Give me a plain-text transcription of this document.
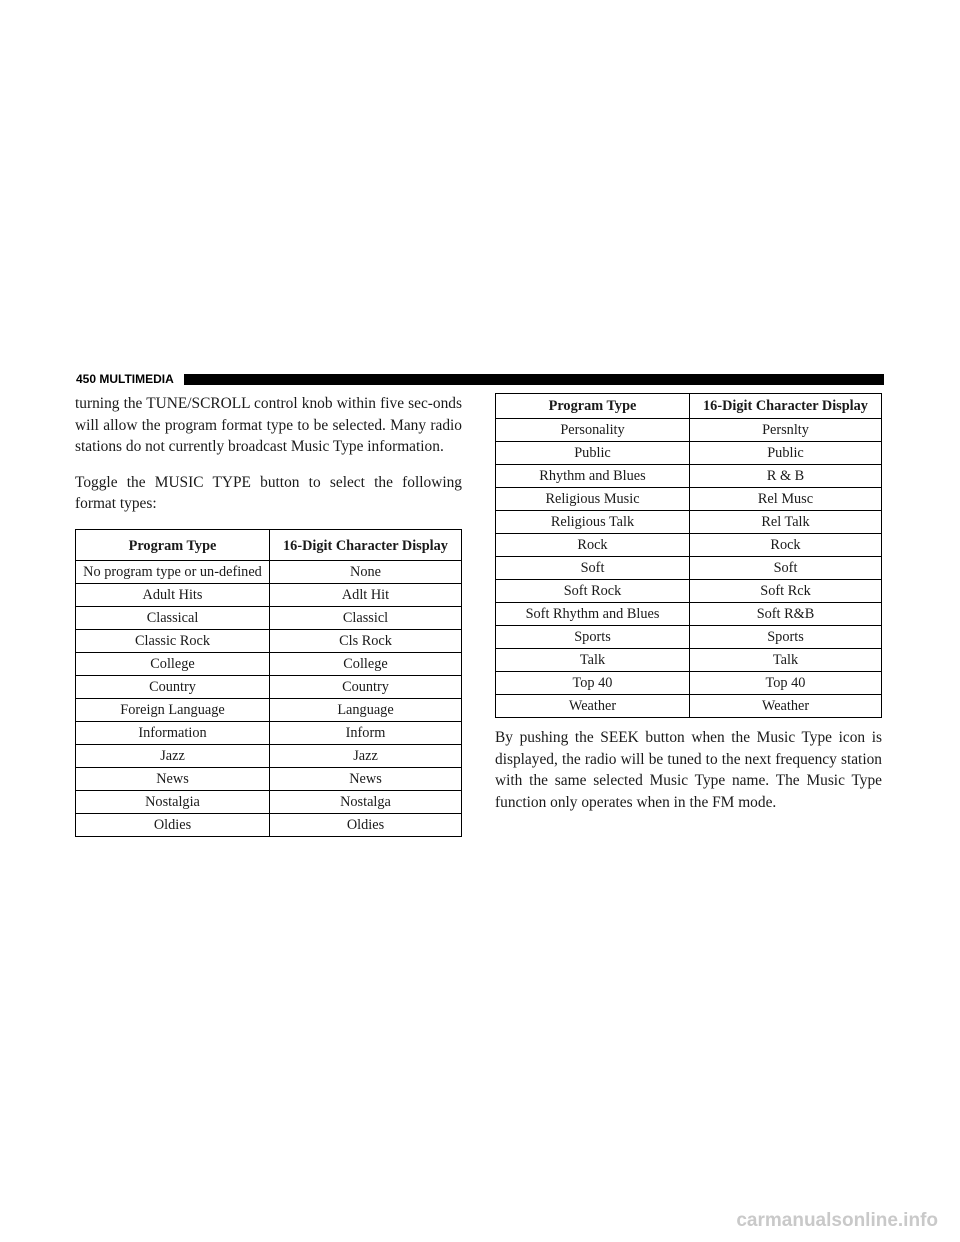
450 MULTIMEDIA

turning the TUNE/SCROLL control knob within five sec-onds will allow the program format type to be selected. Many radio stations do not currently broadcast Music Type information.

Toggle the MUSIC TYPE button to select the following format types:

Program Type	16-Digit Character Display
No program type or un-defined	None
Adult Hits	Adlt Hit
Classical	Classicl
Classic Rock	Cls Rock
College	College
Country	Country
Foreign Language	Language
Information	Inform
Jazz	Jazz
News	News
Nostalgia	Nostalga
Oldies	Oldies
Program Type	16-Digit Character Display
Personality	Persnlty
Public	Public
Rhythm and Blues	R & B
Religious Music	Rel Musc
Religious Talk	Rel Talk
Rock	Rock
Soft	Soft
Soft Rock	Soft Rck
Soft Rhythm and Blues	Soft R&B
Sports	Sports
Talk	Talk
Top 40	Top 40
Weather	Weather

By pushing the SEEK button when the Music Type icon is displayed, the radio will be tuned to the next frequency station with the same selected Music Type name. The Music Type function only operates when in the FM mode.

carmanualsonline.info
